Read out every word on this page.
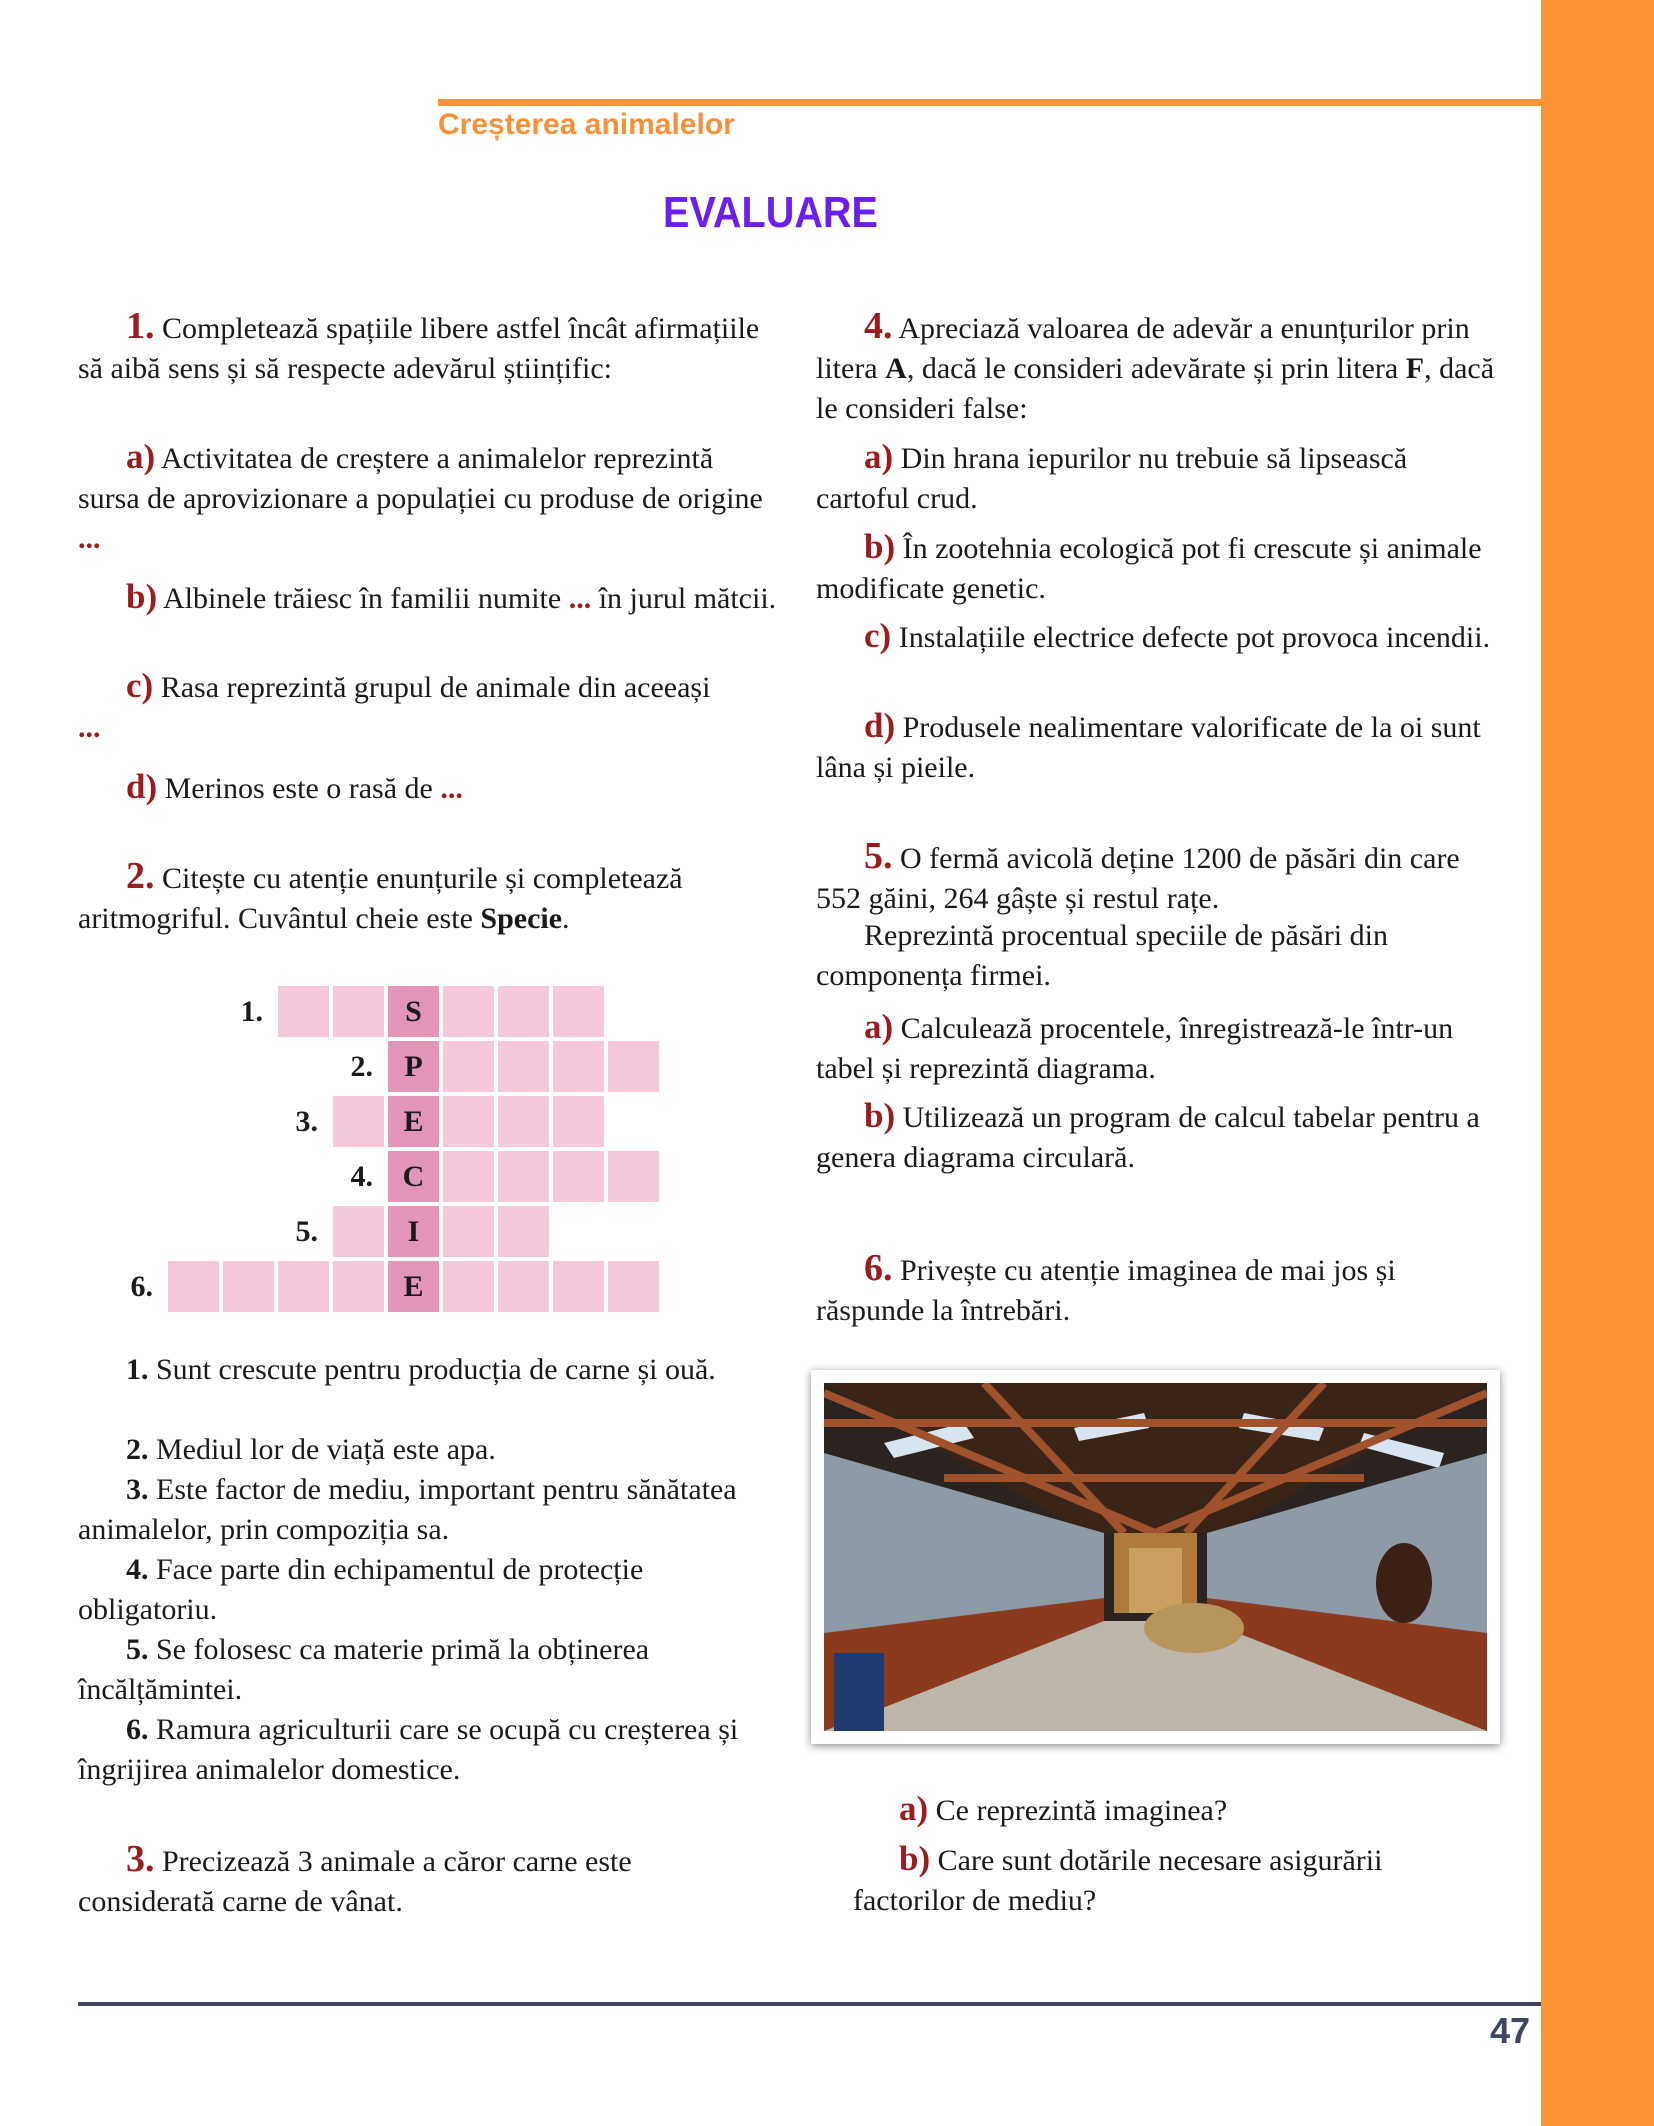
Creșterea animalelor
EVALUARE
1. Completează spațiile libere astfel încât afirmațiile să aibă sens și să respecte adevărul științific:
a) Activitatea de creștere a animalelor reprezintă sursa de aprovizionare a populației cu produse de origine ...
b) Albinele trăiesc în familii numite ... în jurul mătcii.
c) Rasa reprezintă grupul de animale din aceeași ...
d) Merinos este o rasă de ...
2. Citește cu atenție enunțurile și completează aritmogriful. Cuvântul cheie este Specie.
1.	S
2.	P
3.	E
4. C
5.	I
6.	E
1. Sunt crescute pentru producția de carne și ouă.
2. Mediul lor de viață este apa.
3. Este factor de mediu, important pentru sănătatea animalelor, prin compoziția sa.
4. Face parte din echipamentul de protecție obligatoriu.
5. Se folosesc ca materie primă la obținerea încălțămintei.
6. Ramura agriculturii care se ocupă cu creșterea și îngrijirea animalelor domestice.
3. Precizează 3 animale a căror carne este considerată carne de vânat.
4. Apreciază valoarea de adevăr a enunțurilor prin litera A, dacă le consideri adevărate și prin litera F, dacă le consideri false:
a) Din hrana iepurilor nu trebuie să lipsească cartoful crud.
b) În zootehnia ecologică pot fi crescute și animale modificate genetic.
c) Instalațiile electrice defecte pot provoca incendii.
d) Produsele nealimentare valorificate de la oi sunt lâna și pieile.
5. O fermă avicolă deține 1200 de păsări din care 552 găini, 264 gâște și restul rațe.
Reprezintă procentual speciile de păsări din componența firmei.
a) Calculează procentele, înregistrează-le într-un tabel și reprezintă diagrama.
b) Utilizează un program de calcul tabelar pentru a genera diagrama circulară.
6. Privește cu atenție imaginea de mai jos și răspunde la întrebări.
a) Ce reprezintă imaginea?
b) Care sunt dotările necesare asigurării factorilor de mediu?
47
